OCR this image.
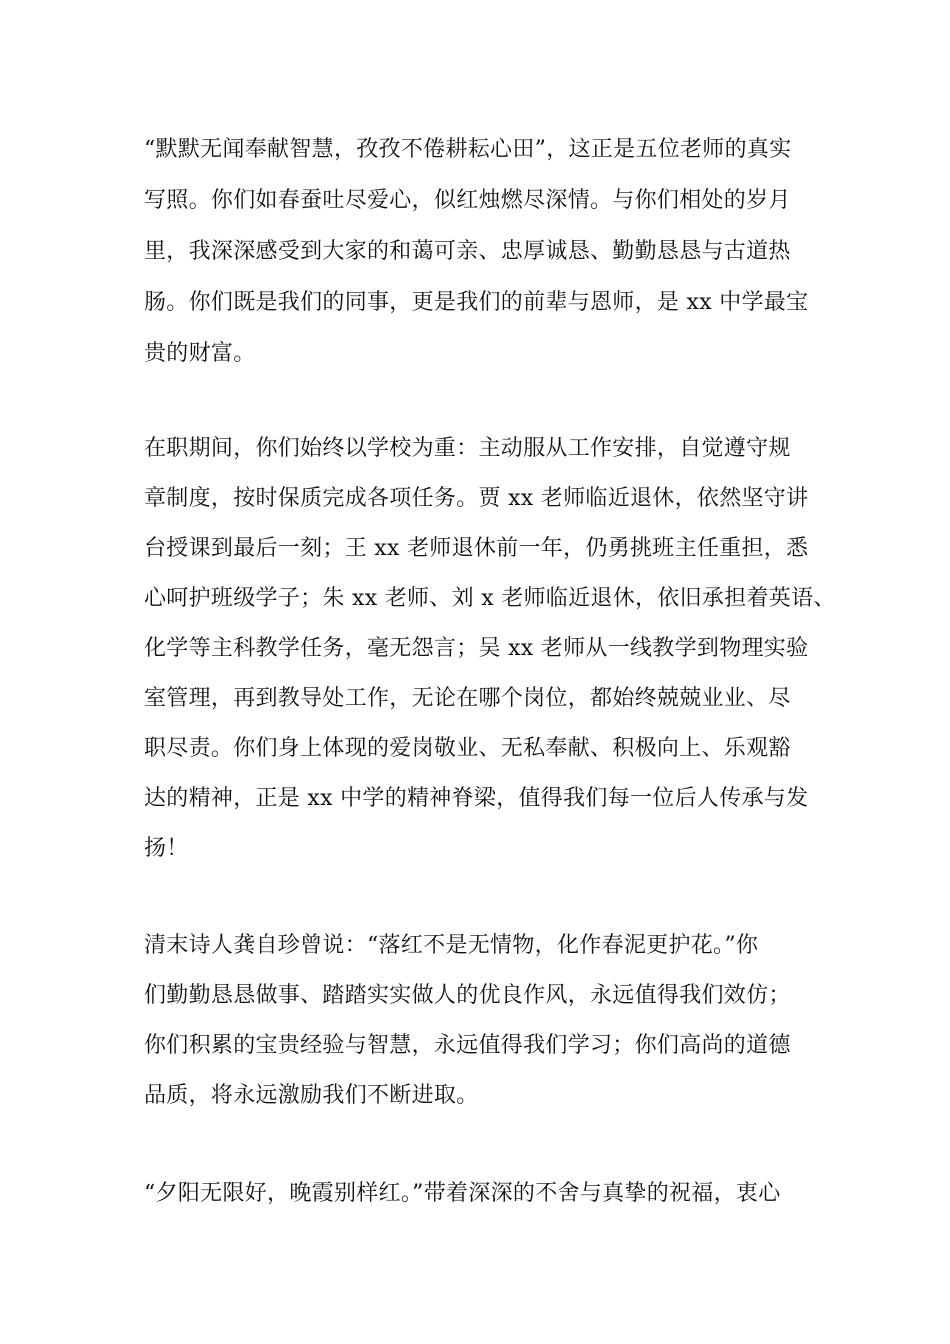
“默默无闻奉献智慧，孜孜不倦耕耘心田”，这正是五位老师的真实
写照。你们如春蚕吐尽爱心，似红烛燃尽深情。与你们相处的岁月
里，我深深感受到大家的和蔼可亲、忠厚诚恳、勤勤恳恳与古道热
肠。你们既是我们的同事，更是我们的前辈与恩师，是 xx 中学最宝
贵的财富。
在职期间，你们始终以学校为重：主动服从工作安排，自觉遵守规
章制度，按时保质完成各项任务。贾 xx 老师临近退休，依然坚守讲
台授课到最后一刻；王 xx 老师退休前一年，仍勇挑班主任重担，悉
心呵护班级学子；朱 xx 老师、刘 x 老师临近退休，依旧承担着英语、
化学等主科教学任务，毫无怨言；吴 xx 老师从一线教学到物理实验
室管理，再到教导处工作，无论在哪个岗位，都始终兢兢业业、尽
职尽责。你们身上体现的爱岗敬业、无私奉献、积极向上、乐观豁
达的精神，正是 xx 中学的精神脊梁，值得我们每一位后人传承与发
扬！
清末诗人龚自珍曾说：“落红不是无情物，化作春泥更护花。”你
们勤勤恳恳做事、踏踏实实做人的优良作风，永远值得我们效仿；
你们积累的宝贵经验与智慧，永远值得我们学习；你们高尚的道德
品质，将永远激励我们不断进取。
“夕阳无限好，晚霞别样红。”带着深深的不舍与真挚的祝福，衷心
